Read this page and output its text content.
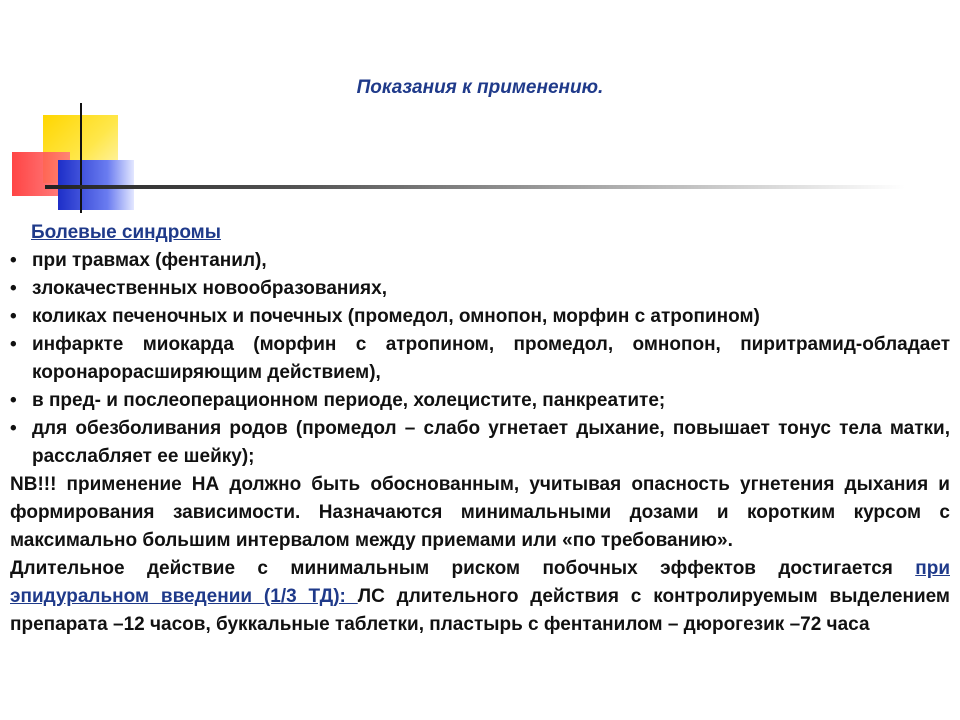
Показания к применению.
Болевые синдромы
• при травмах (фентанил),
• злокачественных новообразованиях,
• коликах печеночных и почечных (промедол, омнопон, морфин с атропином)
• инфаркте миокарда (морфин с атропином, промедол, омнопон, пиритрамид-обладает коронарорасширяющим действием),
• в пред- и послеоперационном периоде, холецистите, панкреатите;
• для обезболивания родов (промедол – слабо угнетает дыхание, повышает тонус тела матки, расслабляет ее шейку);
NB!!! применение НА должно быть обоснованным, учитывая опасность угнетения дыхания и формирования зависимости. Назначаются минимальными дозами и коротким курсом с максимально большим интервалом между приемами или «по требованию».
Длительное действие с минимальным риском побочных эффектов достигается при эпидуральном введении (1/3 ТД): ЛС длительного действия с контролируемым выделением препарата –12 часов, буккальные таблетки, пластырь с фентанилом – дюрогезик –72 часа
